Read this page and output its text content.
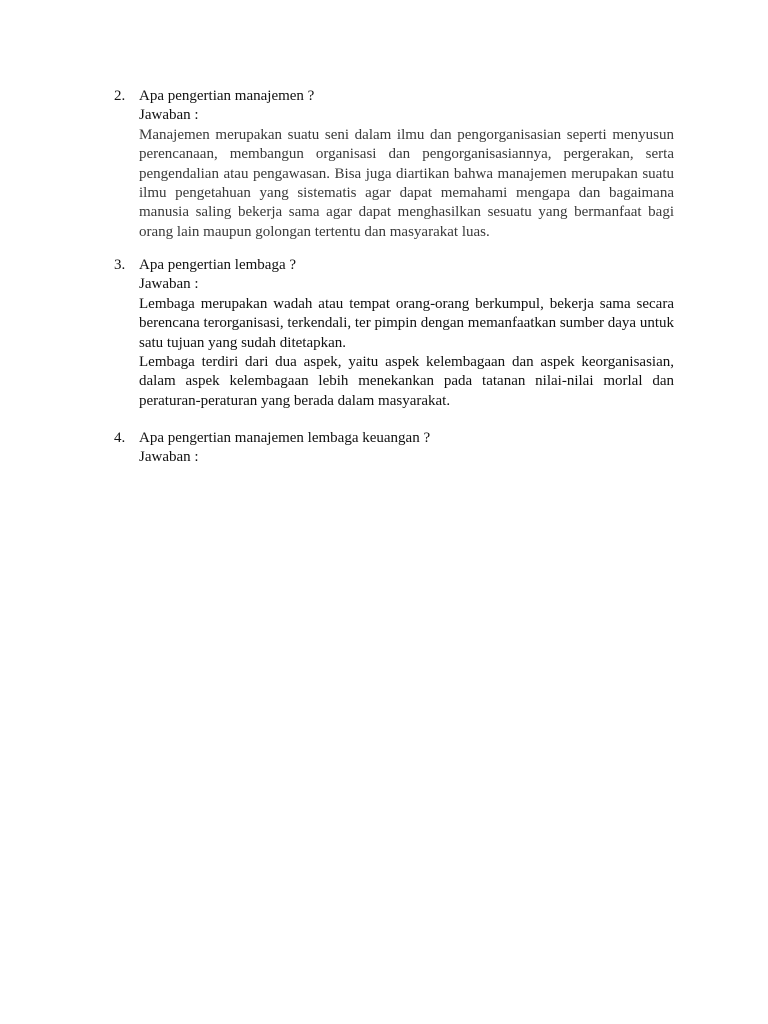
2. Apa pengertian manajemen ?

Jawaban :

Manajemen merupakan suatu seni dalam ilmu dan pengorganisasian seperti menyusun perencanaan, membangun organisasi dan pengorganisasiannya, pergerakan, serta pengendalian atau pengawasan. Bisa juga diartikan bahwa manajemen merupakan suatu ilmu pengetahuan yang sistematis agar dapat memahami mengapa dan bagaimana manusia saling bekerja sama agar dapat menghasilkan sesuatu yang bermanfaat bagi orang lain maupun golongan tertentu dan masyarakat luas.

3. Apa pengertian lembaga ?

Jawaban :

Lembaga merupakan wadah atau tempat orang-orang berkumpul, bekerja sama secara berencana terorganisasi, terkendali, ter pimpin dengan memanfaatkan sumber daya untuk satu tujuan yang sudah ditetapkan.

Lembaga terdiri dari dua aspek, yaitu aspek kelembagaan dan aspek keorganisasian, dalam aspek kelembagaan lebih menekankan pada tatanan nilai-nilai morlal dan peraturan-peraturan yang berada dalam masyarakat.

4. Apa pengertian manajemen lembaga keuangan ?

Jawaban :
